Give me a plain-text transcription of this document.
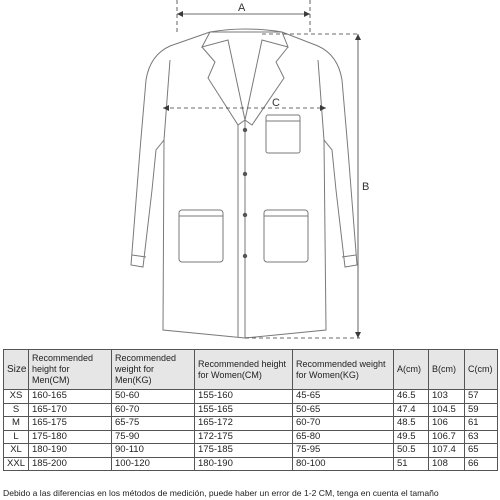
A
C
B
Size	Recommended height for Men(CM)	Recommended weight for Men(KG)	Recommended height for Women(CM)	Recommended weight for Women(KG)	A(cm)	B(cm)	C(cm)
XS	160-165	50-60	155-160	45-65	46.5	103	57
S	165-170	60-70	155-165	50-65	47.4	104.5	59
M	165-175	65-75	165-172	60-70	48.5	106	61
L	175-180	75-90	172-175	65-80	49.5	106.7	63
XL	180-190	90-110	175-185	75-95	50.5	107.4	65
XXL	185-200	100-120	180-190	80-100	51	108	66
Debido a las diferencias en los métodos de medición, puede haber un error de 1-2 CM, tenga en cuenta el tamaño
